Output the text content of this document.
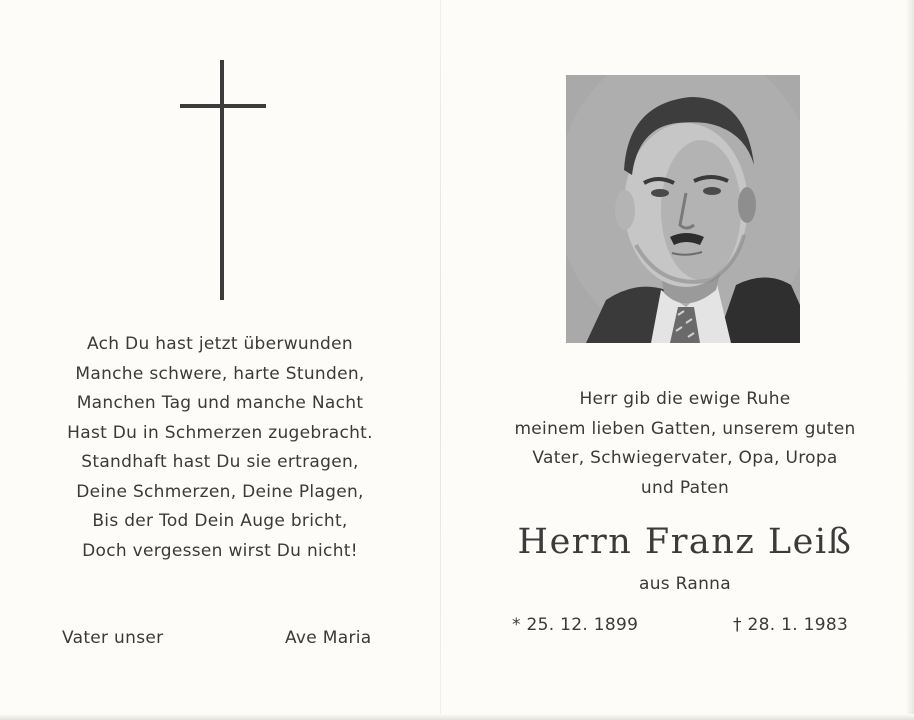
Ach Du hast jetzt überwunden
Manche schwere, harte Stunden,
Manchen Tag und manche Nacht
Hast Du in Schmerzen zugebracht.
Standhaft hast Du sie ertragen,
Deine Schmerzen, Deine Plagen,
Bis der Tod Dein Auge bricht,
Doch vergessen wirst Du nicht!
Vater unser	Ave Maria
Herr gib die ewige Ruhe
meinem lieben Gatten, unserem guten
Vater, Schwiegervater, Opa, Uropa
und Paten
Herrn Franz Leiß
aus Ranna
* 25. 12. 1899	† 28. 1. 1983
